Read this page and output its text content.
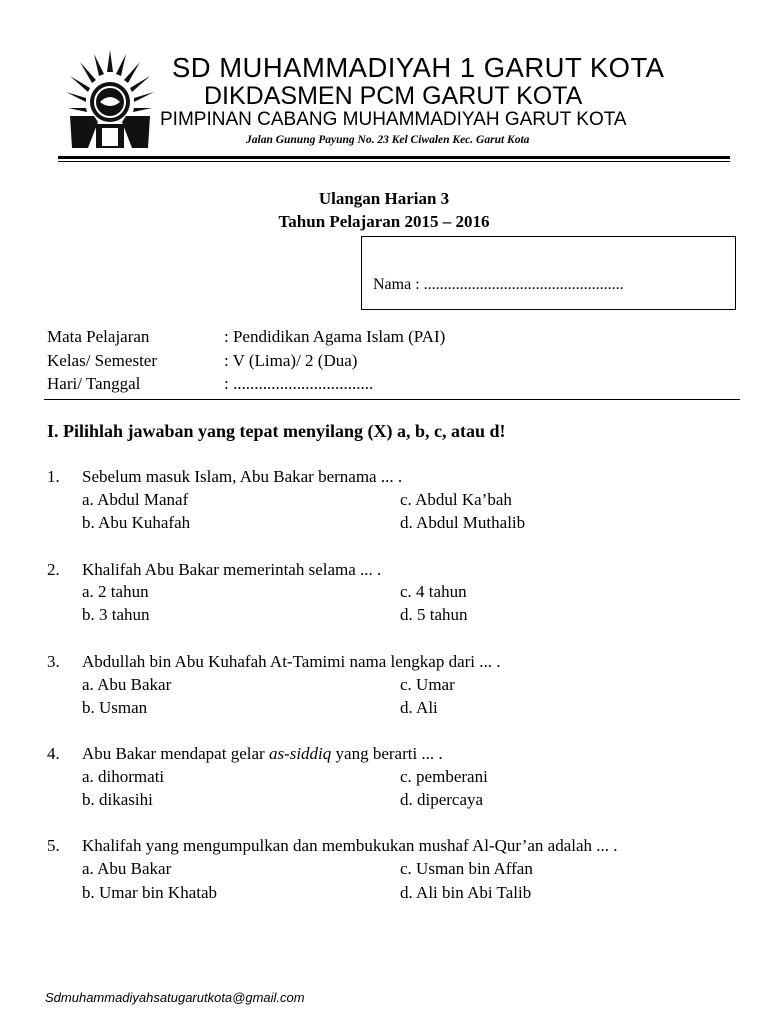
SD MUHAMMADIYAH 1 GARUT KOTA
DIKDASMEN PCM GARUT KOTA
PIMPINAN CABANG MUHAMMADIYAH GARUT KOTA
Jalan Gunung Payung No. 23 Kel Ciwalen Kec. Garut Kota
Ulangan Harian 3
Tahun Pelajaran 2015 – 2016
Nama : ..................................................
Mata Pelajaran	: Pendidikan Agama Islam (PAI)
Kelas/ Semester	: V (Lima)/ 2 (Dua)
Hari/ Tanggal	: .................................
I. Pilihlah jawaban yang tepat menyilang (X) a, b, c, atau d!
1. Sebelum masuk Islam, Abu Bakar bernama ... .
a. Abdul Manaf	c. Abdul Ka’bah
b. Abu Kuhafah	d. Abdul Muthalib
2. Khalifah Abu Bakar memerintah selama ... .
a. 2 tahun	c. 4 tahun
b. 3 tahun	d. 5 tahun
3. Abdullah bin Abu Kuhafah At-Tamimi nama lengkap dari ... .
a. Abu Bakar	c. Umar
b. Usman	d. Ali
4. Abu Bakar mendapat gelar as-siddiq yang berarti ... .
a. dihormati	c. pemberani
b. dikasihi	d. dipercaya
5. Khalifah yang mengumpulkan dan membukukan mushaf Al-Qur’an adalah ... .
a. Abu Bakar	c. Usman bin Affan
b. Umar bin Khatab	d. Ali bin Abi Talib
Sdmuhammadiyahsatugarutkota@gmail.com
